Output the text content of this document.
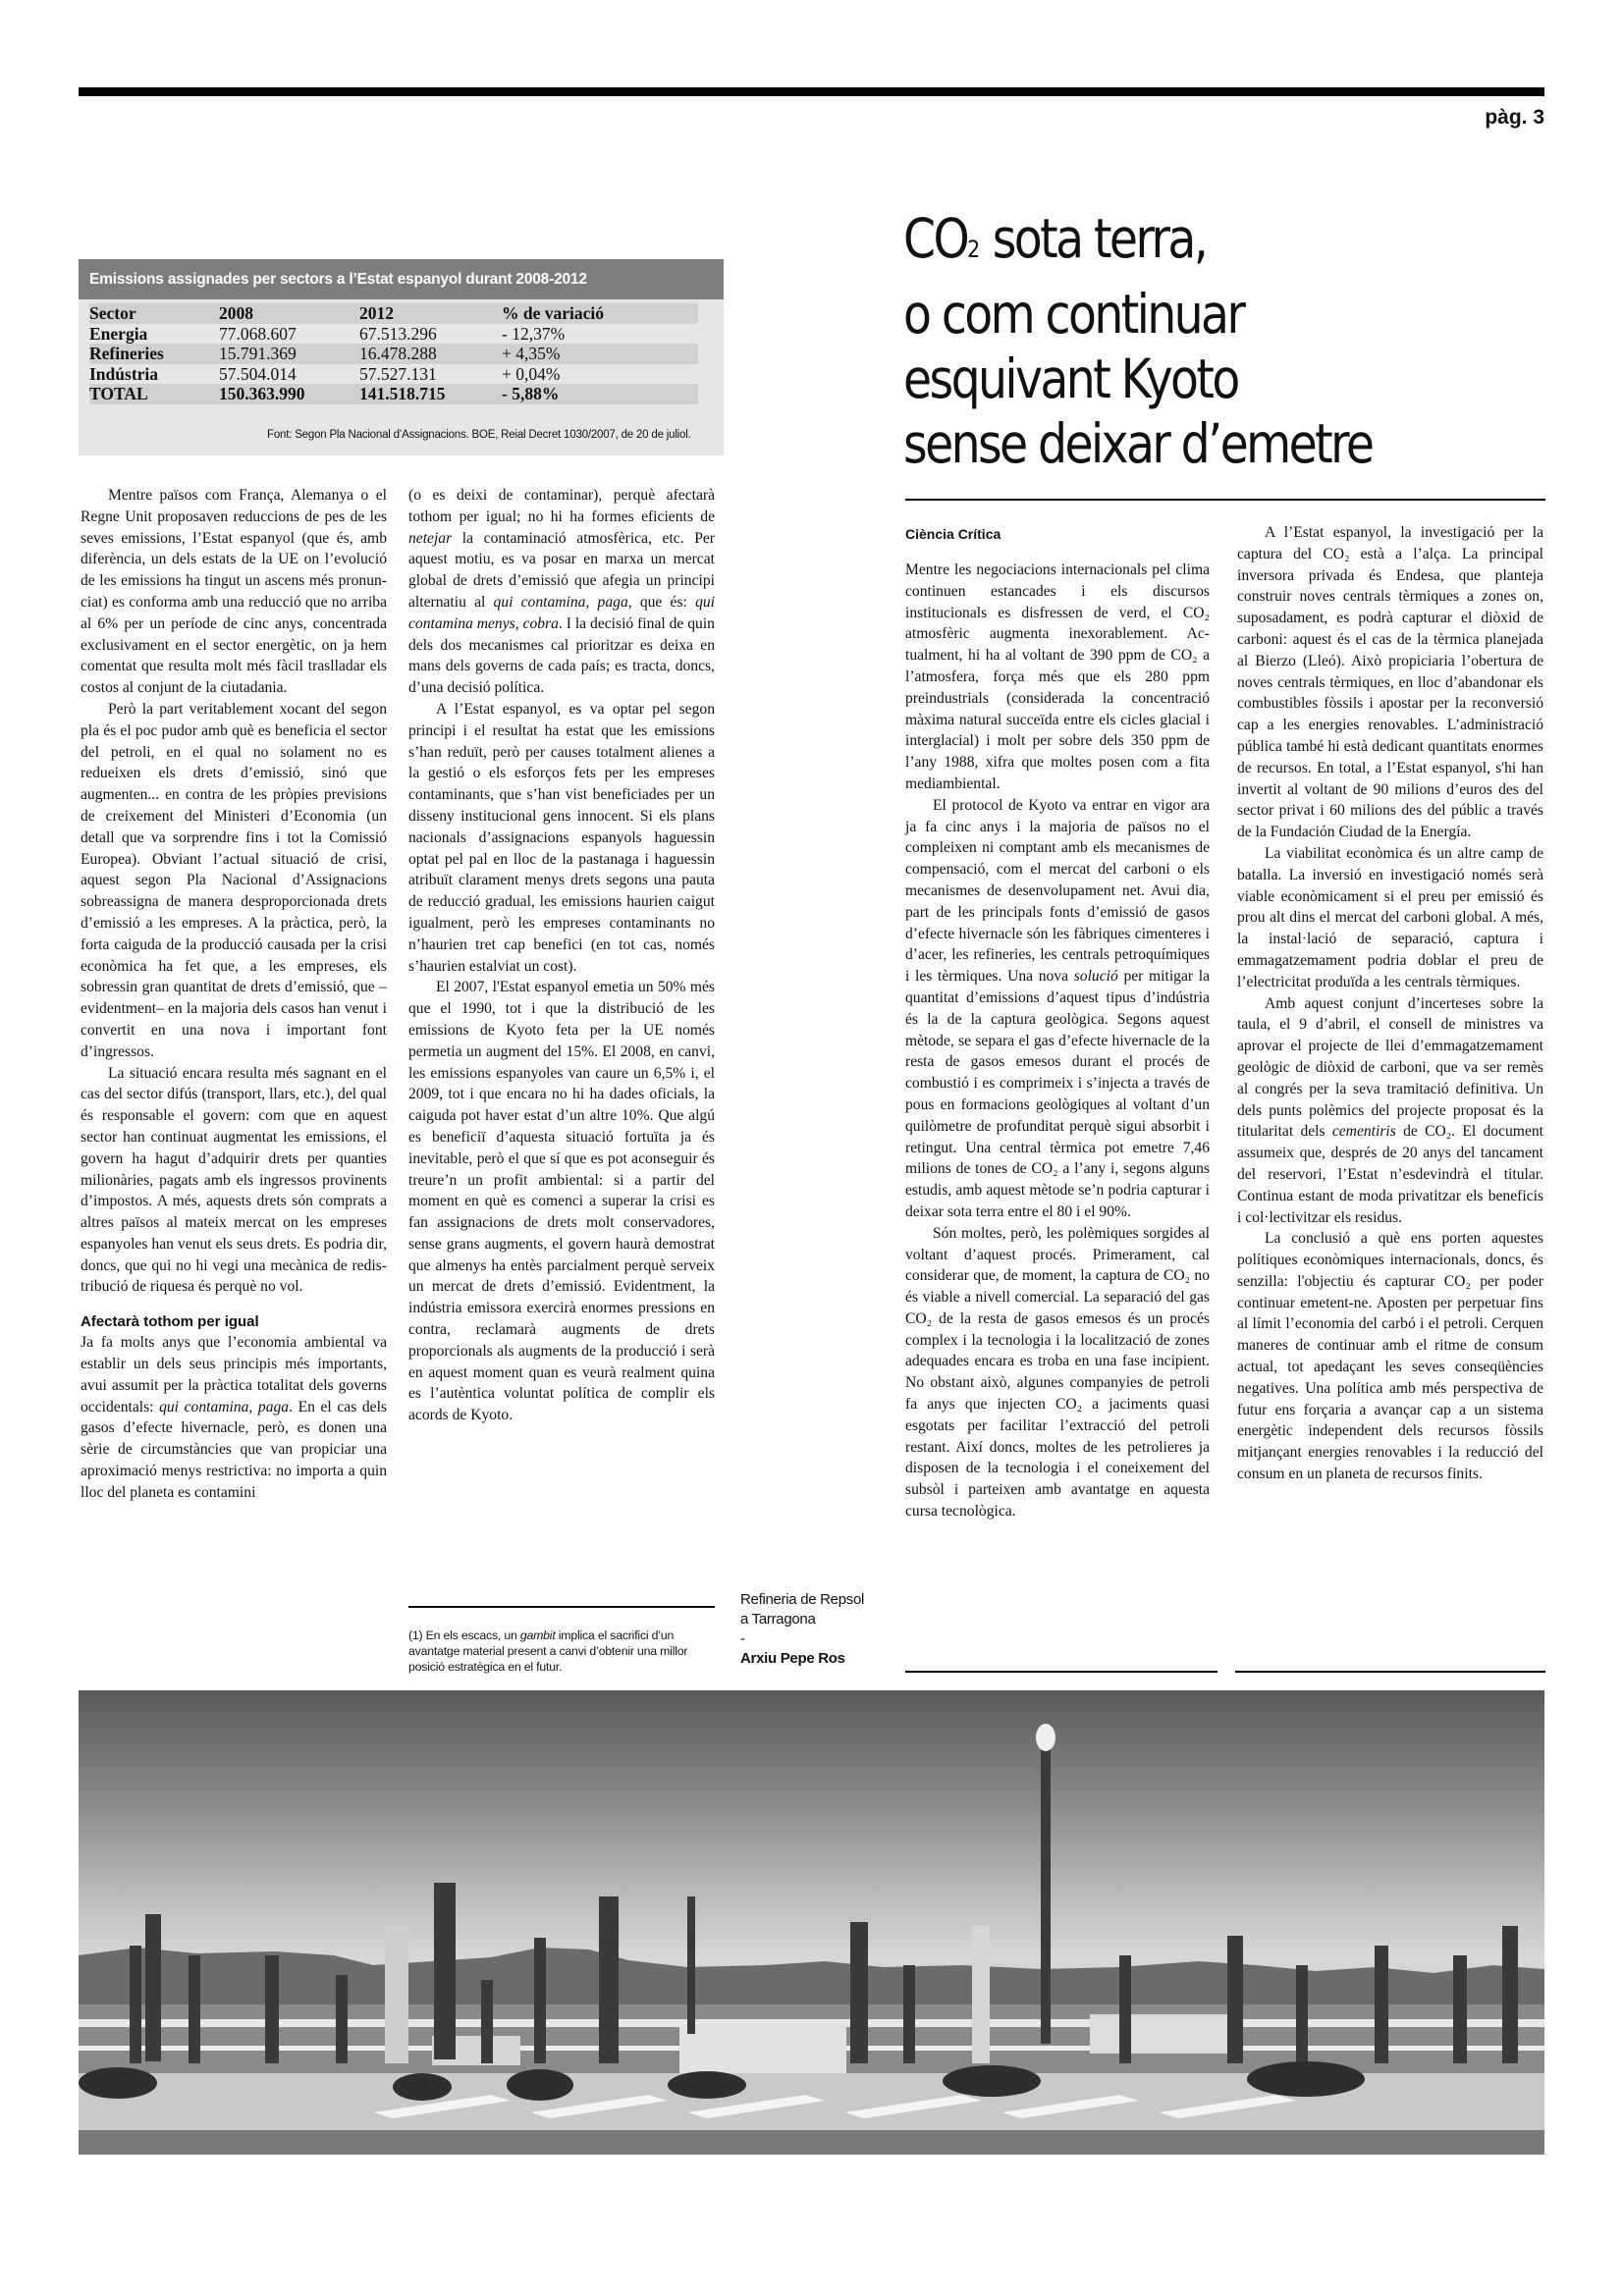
pàg. 3
Emissions assignades per sectors a l’Estat espanyol durant 2008-2012
Sector	2008	2012	% de variació
Energia	77.068.607	67.513.296	- 12,37%
Refineries	15.791.369	16.478.288	+ 4,35%
Indústria	57.504.014	57.527.131	+ 0,04%
TOTAL	150.363.990	141.518.715	- 5,88%
Font: Segon Pla Nacional d’Assignacions. BOE, Reial Decret 1030/2007, de 20 de juliol.
CO2 sota terra,
o com continuar
esquivant Kyoto
sense deixar d’emetre
Ciència Crítica

Mentre països com França, Alemanya o el Regne Unit proposaven reduccions de pes de les seves emissions, l’Estat espanyol (que és, amb diferència, un dels estats de la UE on l’evolució de les emissions ha tingut un ascens més pronunciat) es conforma amb una reducció que no arriba al 6% per un període de cinc anys, concentrada exclusivament en el sector energètic, on ja hem comentat que resulta molt més fàcil traslladar els costos al conjunt de la ciutadania.

Però la part veritablement xocant del segon pla és el poc pudor amb què es beneficia el sector del petroli, en el qual no solament no es redueixen els drets d’emissió, sinó que augmenten... en contra de les pròpies previsions de creixement del Ministeri d’Economia (un detall que va sorprendre fins i tot la Comissió Europea). Obviant l’actual situació de crisi, aquest segon Pla Nacional d’Assignacions sobreassigna de manera desproporcionada drets d’emissió a les empreses. A la pràctica, però, la forta caiguda de la producció causada per la crisi econòmica ha fet que, a les empreses, els sobressin gran quantitat de drets d’emissió, que –evidentment– en la majoria dels casos han venut i convertit en una nova i important font d’ingressos.

La situació encara resulta més sagnant en el cas del sector difús (transport, llars, etc.), del qual és responsable el govern: com que en aquest sector han continuat augmentat les emissions, el govern ha hagut d’adquirir drets per quanties milionàries, pagats amb els ingressos provinents d’impostos. A més, aquests drets són comprats a altres països al mateix mercat on les empreses espanyoles han venut els seus drets. Es podria dir, doncs, que qui no hi vegi una mecànica de redistribució de riquesa és perquè no vol.

Afectarà tothom per igual

Ja fa molts anys que l’economia ambiental va establir un dels seus principis més importants, avui assumit per la pràctica totalitat dels governs occidentals: qui contamina, paga. En el cas dels gasos d’efecte hivernacle, però, es donen una sèrie de circumstàncies que van propiciar una aproximació menys restrictiva: no importa a quin lloc del planeta es contamini

(o es deixi de contaminar), perquè afectarà tothom per igual; no hi ha formes eficients de netejar la contaminació atmosfèrica, etc. Per aquest motiu, es va posar en marxa un mercat global de drets d’emissió que afegia un principi alternatiu al qui contamina, paga, que és: qui contamina menys, cobra. I la decisió final de quin dels dos mecanismes cal prioritzar es deixa en mans dels governs de cada país; es tracta, doncs, d’una decisió política.

A l’Estat espanyol, es va optar pel segon principi i el resultat ha estat que les emissions s’han reduït, però per causes totalment alienes a la gestió o els esforços fets per les empreses contaminants, que s’han vist beneficiades per un disseny institucional gens innocent. Si els plans nacionals d’assignacions espanyols haguessin optat pel pal en lloc de la pastanaga i haguessin atribuït clarament menys drets segons una pauta de reducció gradual, les emissions haurien caigut igualment, però les empreses contaminants no n’haurien tret cap benefici (en tot cas, només s’haurien estalviat un cost).

El 2007, l'Estat espanyol emetia un 50% més que el 1990, tot i que la distribució de les emissions de Kyoto feta per la UE només permetia un augment del 15%. El 2008, en canvi, les emissions espanyoles van caure un 6,5% i, el 2009, tot i que encara no hi ha dades oficials, la caiguda pot haver estat d’un altre 10%. Que algú es beneficiï d’aquesta situació fortuïta ja és inevitable, però el que sí que es pot aconseguir és treure’n un profit ambiental: si a partir del moment en què es comenci a superar la crisi es fan assignacions de drets molt conservadores, sense grans augments, el govern haurà demostrat que almenys ha entès parcialment perquè serveix un mercat de drets d’emissió. Evidentment, la indústria emissora exercirà enormes pressions en contra, reclamarà augments de drets proporcionals als augments de la producció i serà en aquest moment quan es veurà realment quina es l’autèntica voluntat política de complir els acords de Kyoto.

(1) En els escacs, un gambit implica el sacrifici d’un avantatge material present a canvi d’obtenir una millor posició estratègica en el futur.
Refineria de Repsol
a Tarragona
-
Arxiu Pepe Ros

Mentre les negociacions internacionals pel clima continuen estancades i els discursos institucionals es disfressen de verd, el CO₂ atmosfèric augmenta inexorablement. Actualment, hi ha al voltant de 390 ppm de CO₂ a l’atmosfera, força més que els 280 ppm preindustrials (considerada la concentració màxima natural succeïda entre els cicles glacial i interglacial) i molt per sobre dels 350 ppm de l’any 1988, xifra que moltes posen com a fita mediambiental.

El protocol de Kyoto va entrar en vigor ara ja fa cinc anys i la majoria de països no el compleixen ni comptant amb els mecanismes de compensació, com el mercat del carboni o els mecanismes de desenvolupament net. Avui dia, part de les principals fonts d’emissió de gasos d’efecte hivernacle són les fàbriques cimenteres i d’acer, les refineries, les centrals petroquímiques i les tèrmiques. Una nova solució per mitigar la quantitat d’emissions d’aquest tipus d’indústria és la de la captura geològica. Segons aquest mètode, se separa el gas d’efecte hivernacle de la resta de gasos emesos durant el procés de combustió i es comprimeix i s’injecta a través de pous en formacions geològiques al voltant d’un quilòmetre de profunditat perquè sigui absorbit i retingut. Una central tèrmica pot emetre 7,46 milions de tones de CO₂ a l’any i, segons alguns estudis, amb aquest mètode se’n podria capturar i deixar sota terra entre el 80 i el 90%.

Són moltes, però, les polèmiques sorgides al voltant d’aquest procés. Primerament, cal considerar que, de moment, la captura de CO₂ no és viable a nivell comercial. La separació del gas CO₂ de la resta de gasos emesos és un procés complex i la tecnologia i la localització de zones adequades encara es troba en una fase incipient. No obstant això, algunes companyies de petroli fa anys que injecten CO₂ a jaciments quasi esgotats per facilitar l’extracció del petroli restant. Així doncs, moltes de les petrolieres ja disposen de la tecnologia i el coneixement del subsòl i parteixen amb avantatge en aquesta cursa tecnològica.

A l’Estat espanyol, la investigació per la captura del CO₂ està a l’alça. La principal inversora privada és Endesa, que planteja construir noves centrals tèrmiques a zones on, suposadament, es podrà capturar el diòxid de carboni: aquest és el cas de la tèrmica planejada al Bierzo (Lleó). Això propiciaria l’obertura de noves centrals tèrmiques, en lloc d’abandonar els combustibles fòssils i apostar per la reconversió cap a les energies renovables. L’administració pública també hi està dedicant quantitats enormes de recursos. En total, a l’Estat espanyol, s'hi han invertit al voltant de 90 milions d’euros des del sector privat i 60 milions des del públic a través de la Fundación Ciudad de la Energía.

La viabilitat econòmica és un altre camp de batalla. La inversió en investigació només serà viable econòmicament si el preu per emissió és prou alt dins el mercat del carboni global. A més, la instal·lació de separació, captura i emmagatzemament podria doblar el preu de l’electricitat produïda a les centrals tèrmiques.

Amb aquest conjunt d’incerteses sobre la taula, el 9 d’abril, el consell de ministres va aprovar el projecte de llei d’emmagatzemament geològic de diòxid de carboni, que va ser remès al congrés per la seva tramitació definitiva. Un dels punts polèmics del projecte proposat és la titularitat dels cementiris de CO₂. El document assumeix que, després de 20 anys del tancament del reservori, l’Estat n’esdevindrà el titular. Continua estant de moda privatitzar els beneficis i col·lectivitzar els residus.

La conclusió a què ens porten aquestes polítiques econòmiques internacionals, doncs, és senzilla: l'objectiu és capturar CO₂ per poder continuar emetent-ne. Aposten per perpetuar fins al límit l’economia del carbó i el petroli. Cerquen maneres de continuar amb el ritme de consum actual, tot apedaçant les seves conseqüències negatives. Una política amb més perspectiva de futur ens forçaria a avançar cap a un sistema energètic independent dels recursos fòssils mitjançant energies renovables i la reducció del consum en un planeta de recursos finits.
